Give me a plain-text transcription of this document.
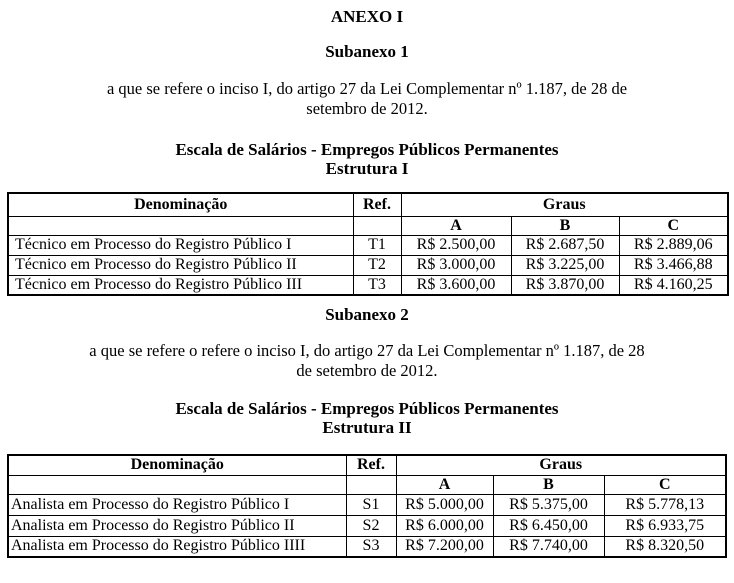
ANEXO I
Subanexo 1
a que se refere o inciso I, do artigo 27 da Lei Complementar nº 1.187, de 28 de
setembro de 2012.
Escala de Salários - Empregos Públicos Permanentes
Estrutura I
Denominação	Ref.	Graus		
		A	B	C
Técnico em Processo do Registro Público I	T1	R$ 2.500,00	R$ 2.687,50	R$ 2.889,06
Técnico em Processo do Registro Público II	T2	R$ 3.000,00	R$ 3.225,00	R$ 3.466,88
Técnico em Processo do Registro Público III	T3	R$ 3.600,00	R$ 3.870,00	R$ 4.160,25
Subanexo 2
a que se refere o refere o inciso I, do artigo 27 da Lei Complementar nº 1.187, de 28
de setembro de 2012.
Escala de Salários - Empregos Públicos Permanentes
Estrutura II
Denominação	Ref.	Graus		
		A	B	C
Analista em Processo do Registro Público I	S1	R$ 5.000,00	R$ 5.375,00	R$ 5.778,13
Analista em Processo do Registro Público II	S2	R$ 6.000,00	R$ 6.450,00	R$ 6.933,75
Analista em Processo do Registro Público IIII	S3	R$ 7.200,00	R$ 7.740,00	R$ 8.320,50
